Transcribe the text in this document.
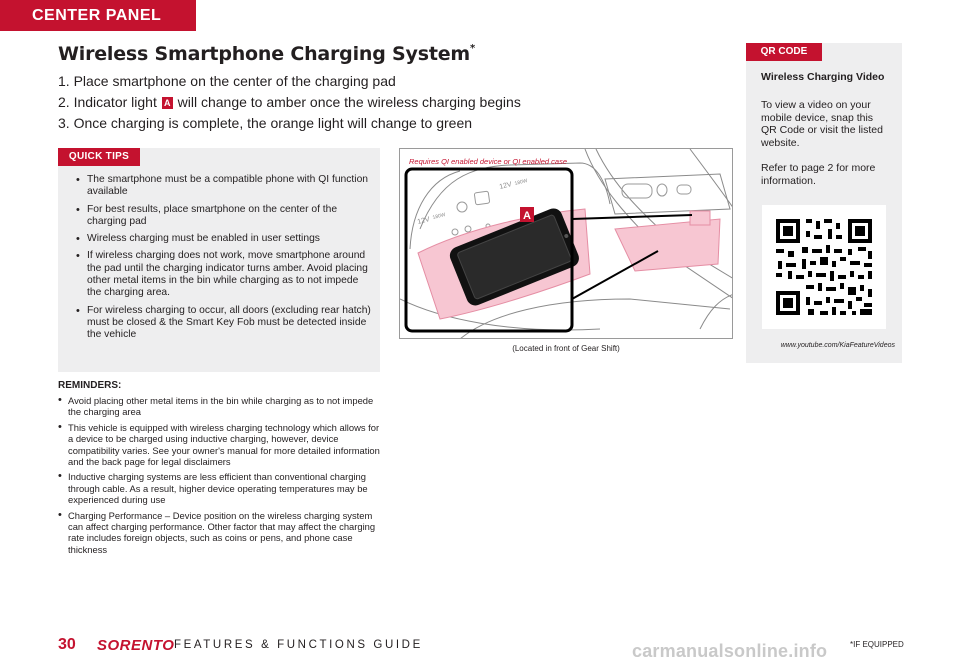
CENTER PANEL
Wireless Smartphone Charging System*
1. Place smartphone on the center of the charging pad
2. Indicator light A will change to amber once the wireless charging begins
3. Once charging is complete, the orange light will change to green
QUICK TIPS
• The smartphone must be a compatible phone with QI function available
• For best results, place smartphone on the center of the charging pad
• Wireless charging must be enabled in user settings
• If wireless charging does not work, move smartphone around the pad until the charging indicator turns amber. Avoid placing other metal items in the bin while charging as to not impede the charging area.
• For wireless charging to occur, all doors (excluding rear hatch) must be closed & the Smart Key Fob must be detected inside the vehicle
REMINDERS:
• Avoid placing other metal items in the bin while charging as to not impede the charging area
• This vehicle is equipped with wireless charging technology which allows for a device to be charged using inductive charging, however, device compatibility varies. See your owner's manual for more detailed information and the back page for legal disclaimers
• Inductive charging systems are less efficient than conventional charging through cable. As a result, higher device operating temperatures may be experienced during use
• Charging Performance – Device position on the wireless charging system can affect charging performance. Other factor that may affect the charging rate includes foreign objects, such as coins or pens, and phone case thickness
12V 180W
12V 180W
A
Requires QI enabled device or QI enabled case
(Located in front of Gear Shift)
QR CODE
Wireless Charging Video
To view a video on your mobile device, snap this QR Code or visit the listed website.
Refer to page 2 for more information.
www.youtube.com/KiaFeatureVideos
30 SORENTO FEATURES & FUNCTIONS GUIDE	carmanualsonline.info	*IF EQUIPPED
